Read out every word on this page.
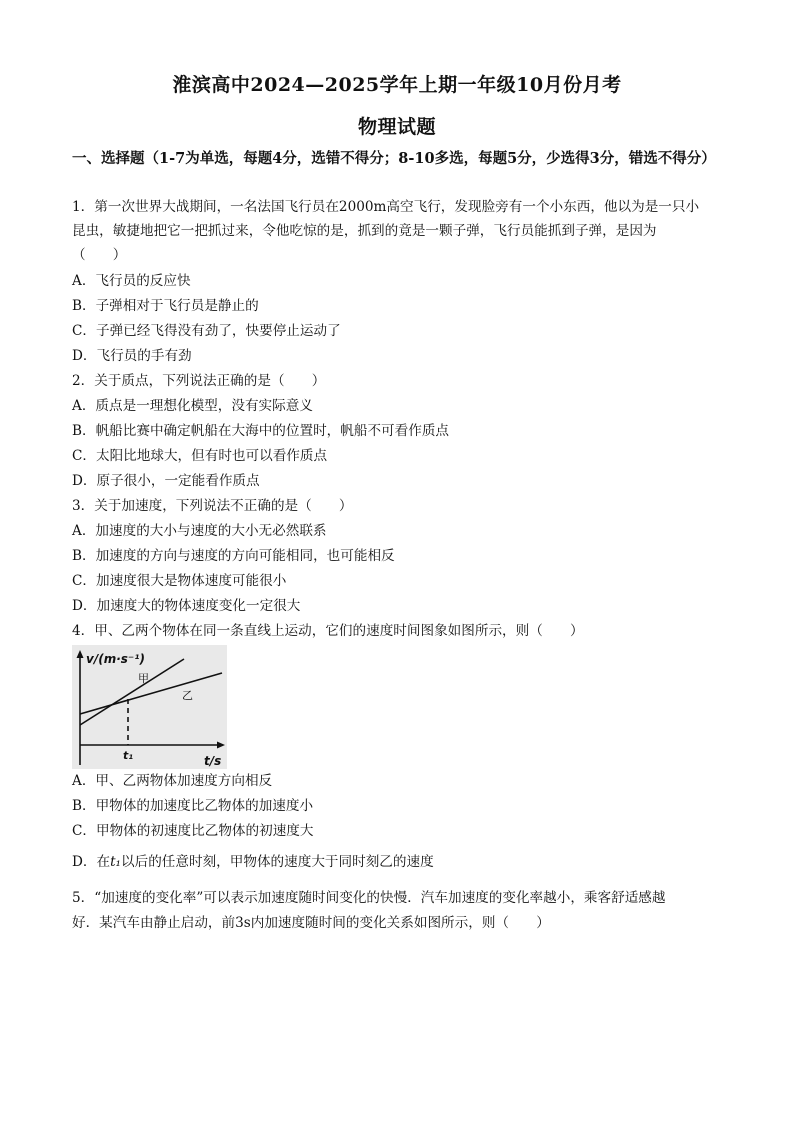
淮滨高中2024—2025学年上期一年级10月份月考
物理试题
一、选择题（1-7为单选，每题4分，选错不得分；8-10多选，每题5分，少选得3分，错选不得分）
1．第一次世界大战期间，一名法国飞行员在2000m高空飞行，发现脸旁有一个小东西，他以为是一只小
昆虫，敏捷地把它一把抓过来，令他吃惊的是，抓到的竟是一颗子弹，飞行员能抓到子弹，是因为
（　　）
A．飞行员的反应快
B．子弹相对于飞行员是静止的
C．子弹已经飞得没有劲了，快要停止运动了
D．飞行员的手有劲
2．关于质点，下列说法正确的是（　　）
A．质点是一理想化模型，没有实际意义
B．帆船比赛中确定帆船在大海中的位置时，帆船不可看作质点
C．太阳比地球大，但有时也可以看作质点
D．原子很小，一定能看作质点
3．关于加速度，下列说法不正确的是（　　）
A．加速度的大小与速度的大小无必然联系
B．加速度的方向与速度的方向可能相同，也可能相反
C．加速度很大是物体速度可能很小
D．加速度大的物体速度变化一定很大
4．甲、乙两个物体在同一条直线上运动，它们的速度时间图象如图所示，则（　　）
v/(m·s⁻¹)
甲
乙
t₁	t/s
A．甲、乙两物体加速度方向相反
B．甲物体的加速度比乙物体的加速度小
C．甲物体的初速度比乙物体的初速度大
D．在t₁以后的任意时刻，甲物体的速度大于同时刻乙的速度
5．“加速度的变化率”可以表示加速度随时间变化的快慢．汽车加速度的变化率越小，乘客舒适感越
好．某汽车由静止启动，前3s内加速度随时间的变化关系如图所示，则（　　）
